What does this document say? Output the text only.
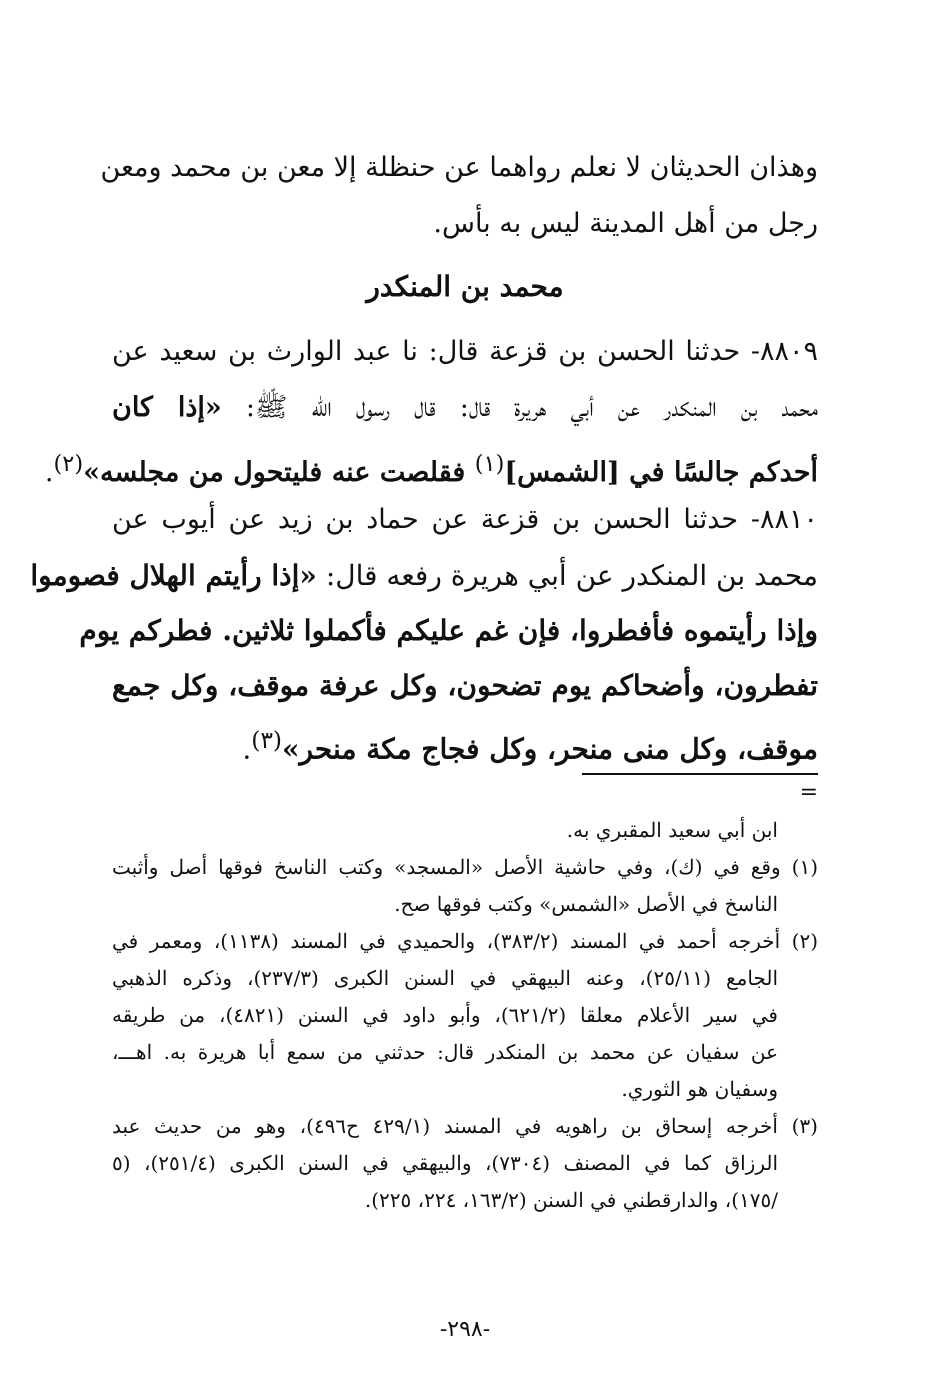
وهذان الحديثان لا نعلم رواهما عن حنظلة إلا معن بن محمد ومعن
رجل من أهل المدينة ليس به بأس.
محمد بن المنكدر
٨٨٠٩- حدثنا الحسن بن قزعة قال: نا عبد الوارث بن سعيد عن
محمد بن المنكدر عن أبي هريرة قال: قال رسول الله ﷺ: «إذا كان
أحدكم جالسًا في [الشمس]$^{(١)}$ فقلصت عنه فليتحول من مجلسه»$^{(٢)}$.
٨٨١٠- حدثنا الحسن بن قزعة عن حماد بن زيد عن أيوب عن
محمد بن المنكدر عن أبي هريرة رفعه قال: «إذا رأيتم الهلال فصوموا
وإذا رأيتموه فأفطروا، فإن غم عليكم فأكملوا ثلاثين. فطركم يوم
تفطرون، وأضحاكم يوم تضحون، وكل عرفة موقف، وكل جمع
موقف، وكل منى منحر، وكل فجاج مكة منحر»$^{(٣)}$.
=
ابن أبي سعيد المقبري به.
(١) وقع في (ك)، وفي حاشية الأصل «المسجد» وكتب الناسخ فوقها أصل وأثبت
الناسخ في الأصل «الشمس» وكتب فوقها صح.
(٢) أخرجه أحمد في المسند (٣٨٣/٢)، والحميدي في المسند (١١٣٨)، ومعمر في
الجامع (٢٥/١١)، وعنه البيهقي في السنن الكبرى (٢٣٧/٣)، وذكره الذهبي
في سير الأعلام معلقا (٦٢١/٢)، وأبو داود في السنن (٤٨٢١)، من طريقه
عن سفيان عن محمد بن المنكدر قال: حدثني من سمع أبا هريرة به. اهـــ،
وسفيان هو الثوري.
(٣) أخرجه إسحاق بن راهويه في المسند (٤٢٩/١ ح٤٩٦)، وهو من حديث عبد
الرزاق كما في المصنف (٧٣٠٤)، والبيهقي في السنن الكبرى (٢٥١/٤)، (٥
/١٧٥)، والدارقطني في السنن (١٦٣/٢، ٢٢٤، ٢٢٥).
-٢٩٨-
